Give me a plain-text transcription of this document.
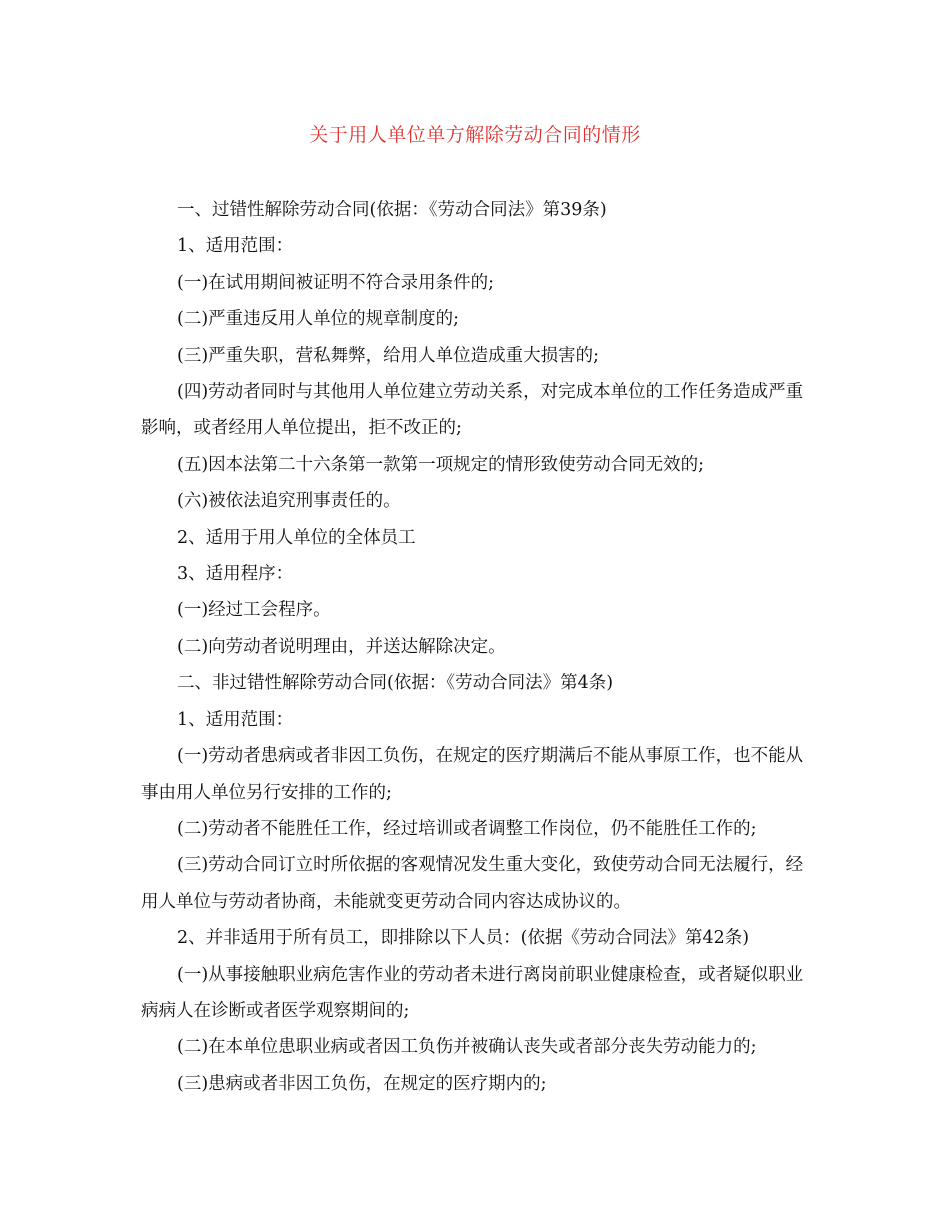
关于用人单位单方解除劳动合同的情形

一、过错性解除劳动合同(依据：《劳动合同法》第39条)

1、适用范围：

(一)在试用期间被证明不符合录用条件的;

(二)严重违反用人单位的规章制度的;

(三)严重失职，营私舞弊，给用人单位造成重大损害的;

(四)劳动者同时与其他用人单位建立劳动关系，对完成本单位的工作任务造成严重影响，或者经用人单位提出，拒不改正的;

(五)因本法第二十六条第一款第一项规定的情形致使劳动合同无效的;

(六)被依法追究刑事责任的。

2、适用于用人单位的全体员工

3、适用程序：

(一)经过工会程序。

(二)向劳动者说明理由，并送达解除决定。

二、非过错性解除劳动合同(依据：《劳动合同法》第4条)

1、适用范围：

(一)劳动者患病或者非因工负伤，在规定的医疗期满后不能从事原工作，也不能从事由用人单位另行安排的工作的;

(二)劳动者不能胜任工作，经过培训或者调整工作岗位，仍不能胜任工作的;

(三)劳动合同订立时所依据的客观情况发生重大变化，致使劳动合同无法履行，经用人单位与劳动者协商，未能就变更劳动合同内容达成协议的。

2、并非适用于所有员工，即排除以下人员：(依据《劳动合同法》第42条)

(一)从事接触职业病危害作业的劳动者未进行离岗前职业健康检查，或者疑似职业病病人在诊断或者医学观察期间的;

(二)在本单位患职业病或者因工负伤并被确认丧失或者部分丧失劳动能力的;

(三)患病或者非因工负伤，在规定的医疗期内的;
